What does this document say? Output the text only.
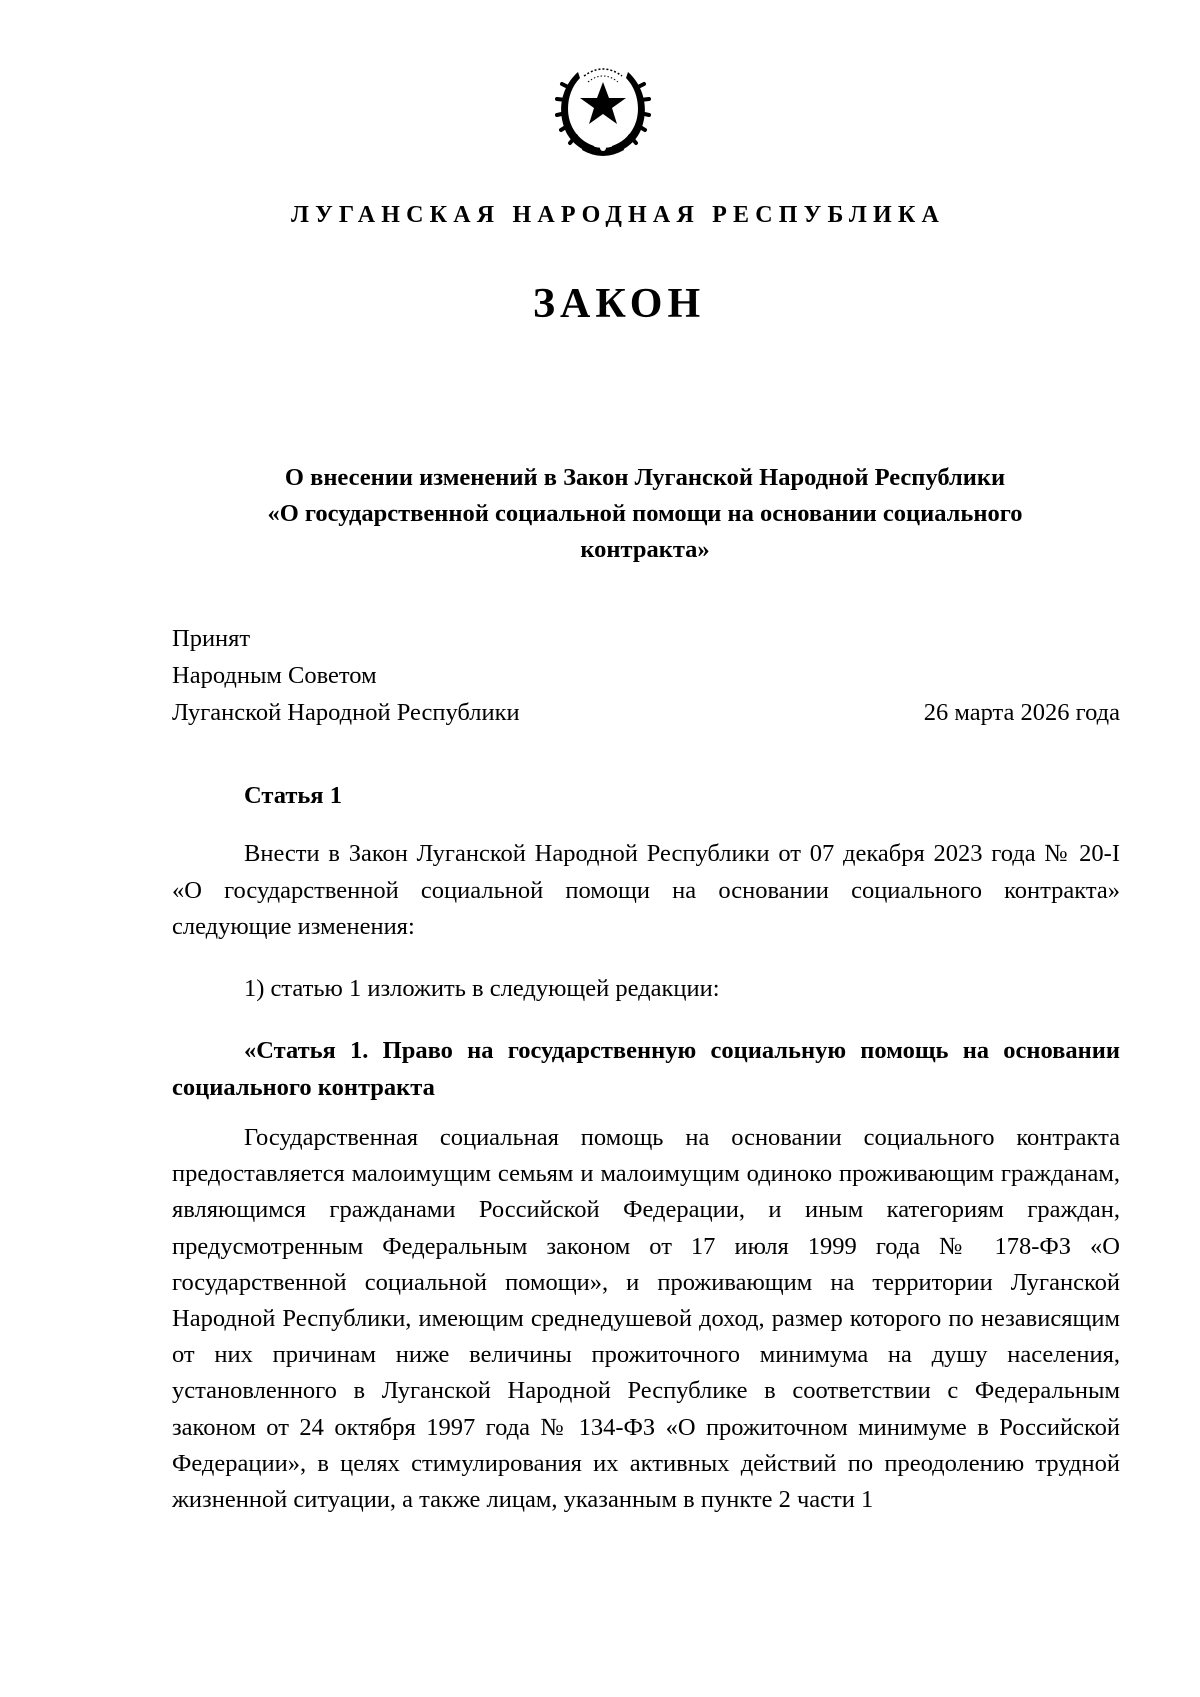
ЛУГАНСКАЯ НАРОДНАЯ РЕСПУБЛИКА
ЗАКОН
О внесении изменений в Закон Луганской Народной Республики
«О государственной социальной помощи на основании социального
контракта»
Принят
Народным Советом
Луганской Народной Республики	26 марта 2026 года
Статья 1
Внести в Закон Луганской Народной Республики от 07 декабря 2023 года № 20-I «О государственной социальной помощи на основании социального контракта» следующие изменения:
1) статью 1 изложить в следующей редакции:
«Статья 1. Право на государственную социальную помощь на основании социального контракта
Государственная социальная помощь на основании социального контракта предоставляется малоимущим семьям и малоимущим одиноко проживающим гражданам, являющимся гражданами Российской Федерации, и иным категориям граждан, предусмотренным Федеральным законом от 17 июля 1999 года № 178-ФЗ «О государственной социальной помощи», и проживающим на территории Луганской Народной Республики, имеющим среднедушевой доход, размер которого по независящим от них причинам ниже величины прожиточного минимума на душу населения, установленного в Луганской Народной Республике в соответствии с Федеральным законом от 24 октября 1997 года № 134-ФЗ «О прожиточном минимуме в Российской Федерации», в целях стимулирования их активных действий по преодолению трудной жизненной ситуации, а также лицам, указанным в пункте 2 части 1
